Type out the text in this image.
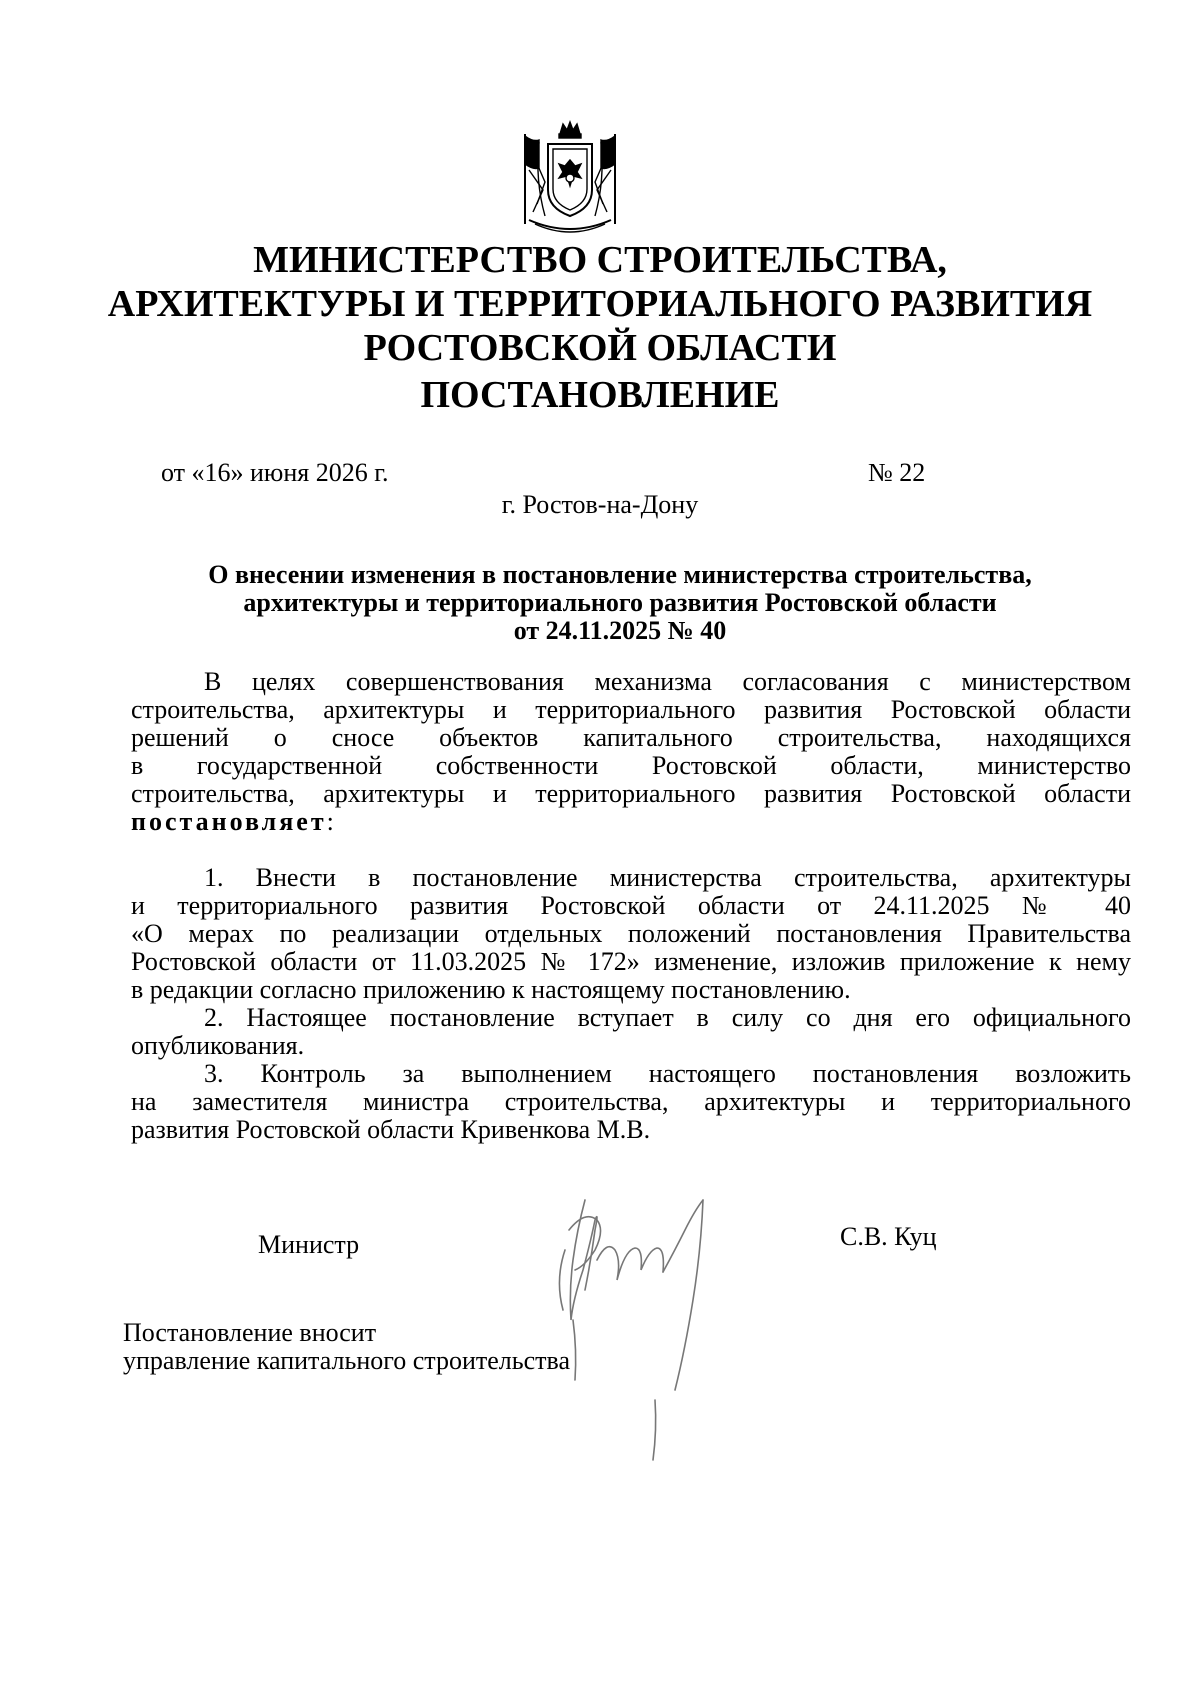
МИНИСТЕРСТВО СТРОИТЕЛЬСТВА,
АРХИТЕКТУРЫ И ТЕРРИТОРИАЛЬНОГО РАЗВИТИЯ
РОСТОВСКОЙ ОБЛАСТИ
ПОСТАНОВЛЕНИЕ
от «16» июня 2026 г.	№ 22
г. Ростов-на-Дону
О внесении изменения в постановление министерства строительства,
архитектуры и территориального развития Ростовской области
от 24.11.2025 № 40
В целях совершенствования механизма согласования с министерством
строительства, архитектуры и территориального развития Ростовской области
решений о сносе объектов капитального строительства, находящихся
в государственной собственности Ростовской области, министерство
строительства, архитектуры и территориального развития Ростовской области
постановляет:
1. Внести в постановление министерства строительства, архитектуры
и территориального развития Ростовской области от 24.11.2025 № 40
«О мерах по реализации отдельных положений постановления Правительства
Ростовской области от 11.03.2025 № 172» изменение, изложив приложение к нему
в редакции согласно приложению к настоящему постановлению.
2. Настоящее постановление вступает в силу со дня его официального
опубликования.
3. Контроль за выполнением настоящего постановления возложить
на заместителя министра строительства, архитектуры и территориального
развития Ростовской области Кривенкова М.В.
Министр	С.В. Куц
Постановление вносит
управление капитального строительства
